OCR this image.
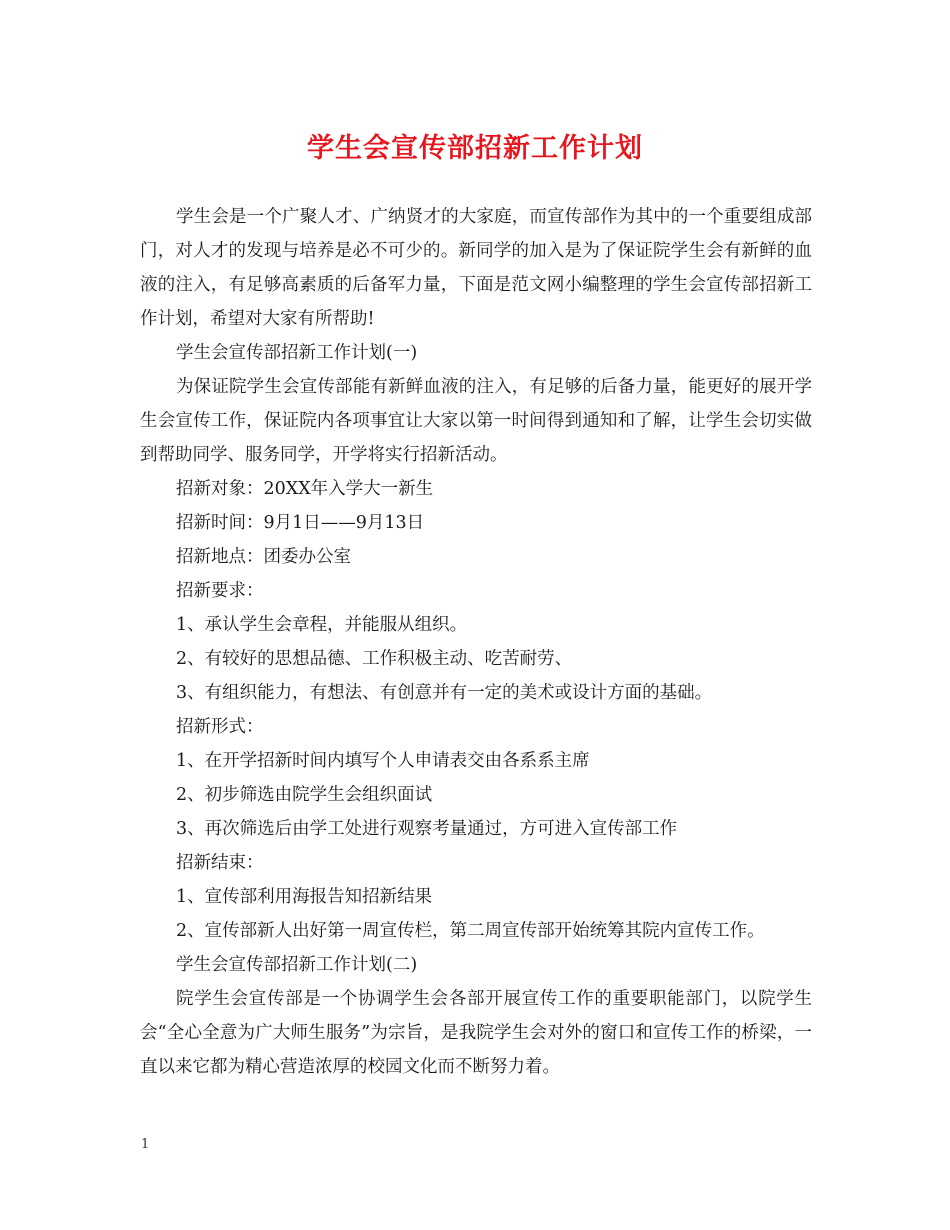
学生会宣传部招新工作计划

学生会是一个广聚人才、广纳贤才的大家庭，而宣传部作为其中的一个重要组成部门，对人才的发现与培养是必不可少的。新同学的加入是为了保证院学生会有新鲜的血液的注入，有足够高素质的后备军力量，下面是范文网小编整理的学生会宣传部招新工作计划，希望对大家有所帮助!

学生会宣传部招新工作计划(一)

为保证院学生会宣传部能有新鲜血液的注入，有足够的后备力量，能更好的展开学生会宣传工作，保证院内各项事宜让大家以第一时间得到通知和了解，让学生会切实做到帮助同学、服务同学，开学将实行招新活动。

招新对象：20XX年入学大一新生

招新时间：9月1日——9月13日

招新地点：团委办公室

招新要求：

1、承认学生会章程，并能服从组织。

2、有较好的思想品德、工作积极主动、吃苦耐劳、

3、有组织能力，有想法、有创意并有一定的美术或设计方面的基础。

招新形式：

1、在开学招新时间内填写个人申请表交由各系系主席

2、初步筛选由院学生会组织面试

3、再次筛选后由学工处进行观察考量通过，方可进入宣传部工作

招新结束：

1、宣传部利用海报告知招新结果

2、宣传部新人出好第一周宣传栏，第二周宣传部开始统筹其院内宣传工作。

学生会宣传部招新工作计划(二)

院学生会宣传部是一个协调学生会各部开展宣传工作的重要职能部门，以院学生会“全心全意为广大师生服务”为宗旨，是我院学生会对外的窗口和宣传工作的桥梁，一直以来它都为精心营造浓厚的校园文化而不断努力着。

1
